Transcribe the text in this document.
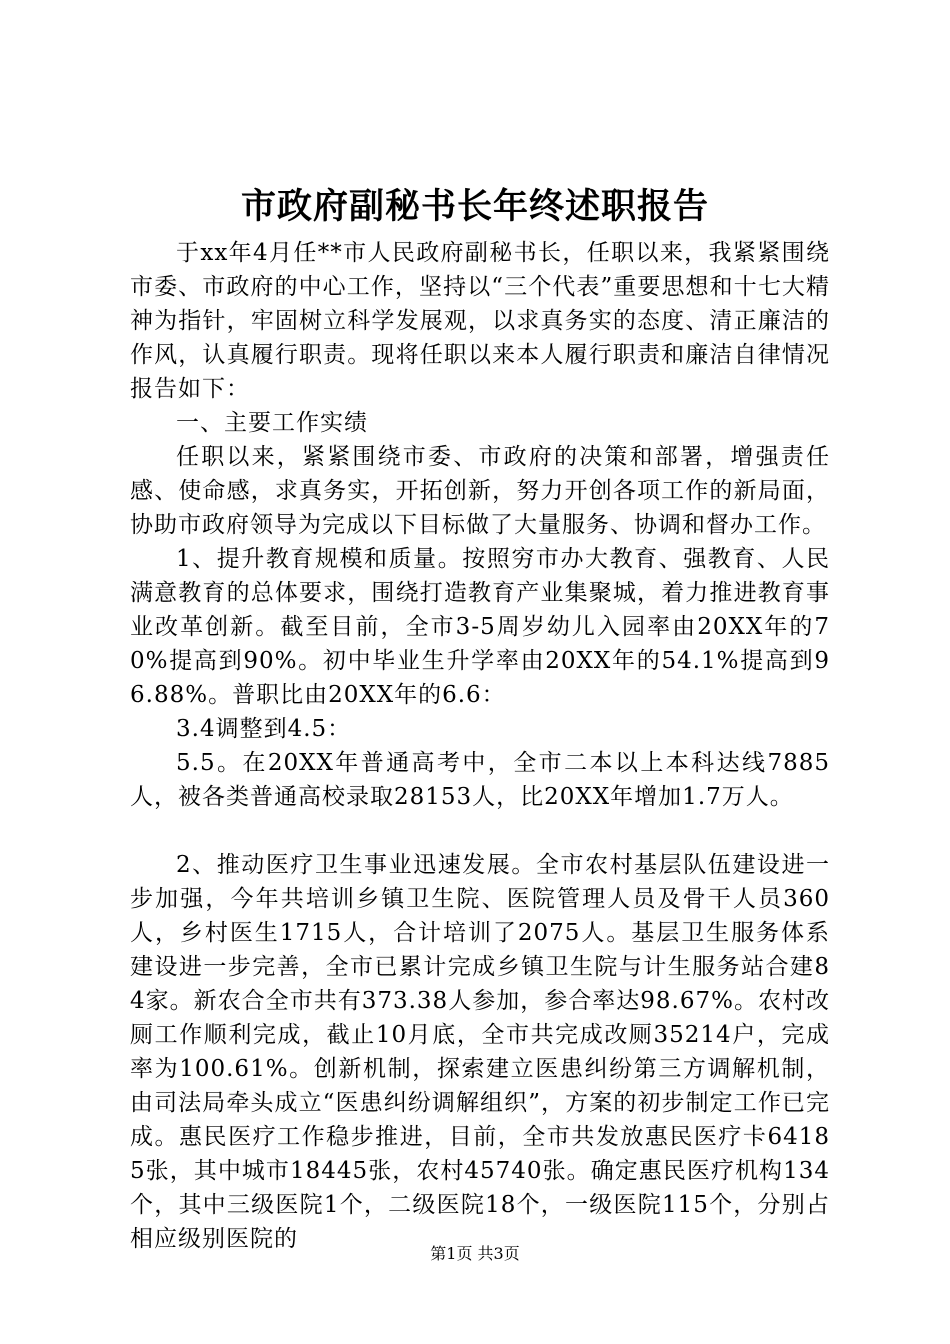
市政府副秘书长年终述职报告

于xx年4月任**市人民政府副秘书长，任职以来，我紧紧围绕市委、市政府的中心工作，坚持以“三个代表”重要思想和十七大精神为指针，牢固树立科学发展观，以求真务实的态度、清正廉洁的作风，认真履行职责。现将任职以来本人履行职责和廉洁自律情况报告如下：

一、主要工作实绩

任职以来，紧紧围绕市委、市政府的决策和部署，增强责任感、使命感，求真务实，开拓创新，努力开创各项工作的新局面，协助市政府领导为完成以下目标做了大量服务、协调和督办工作。

1、提升教育规模和质量。按照穷市办大教育、强教育、人民满意教育的总体要求，围绕打造教育产业集聚城，着力推进教育事业改革创新。截至目前，全市3-5周岁幼儿入园率由20XX年的70%提高到90%。初中毕业生升学率由20XX年的54.1%提高到96.88%。普职比由20XX年的6.6：

3.4调整到4.5：

5.5。在20XX年普通高考中，全市二本以上本科达线7885人，被各类普通高校录取28153人，比20XX年增加1.7万人。

2、推动医疗卫生事业迅速发展。全市农村基层队伍建设进一步加强，今年共培训乡镇卫生院、医院管理人员及骨干人员360人，乡村医生1715人，合计培训了2075人。基层卫生服务体系建设进一步完善，全市已累计完成乡镇卫生院与计生服务站合建84家。新农合全市共有373.38人参加，参合率达98.67%。农村改厕工作顺利完成，截止10月底，全市共完成改厕35214户，完成率为100.61%。创新机制，探索建立医患纠纷第三方调解机制，由司法局牵头成立“医患纠纷调解组织”，方案的初步制定工作已完成。惠民医疗工作稳步推进，目前，全市共发放惠民医疗卡64185张，其中城市18445张，农村45740张。确定惠民医疗机构134个，其中三级医院1个，二级医院18个，一级医院115个，分别占相应级别医院的

第1页 共3页
